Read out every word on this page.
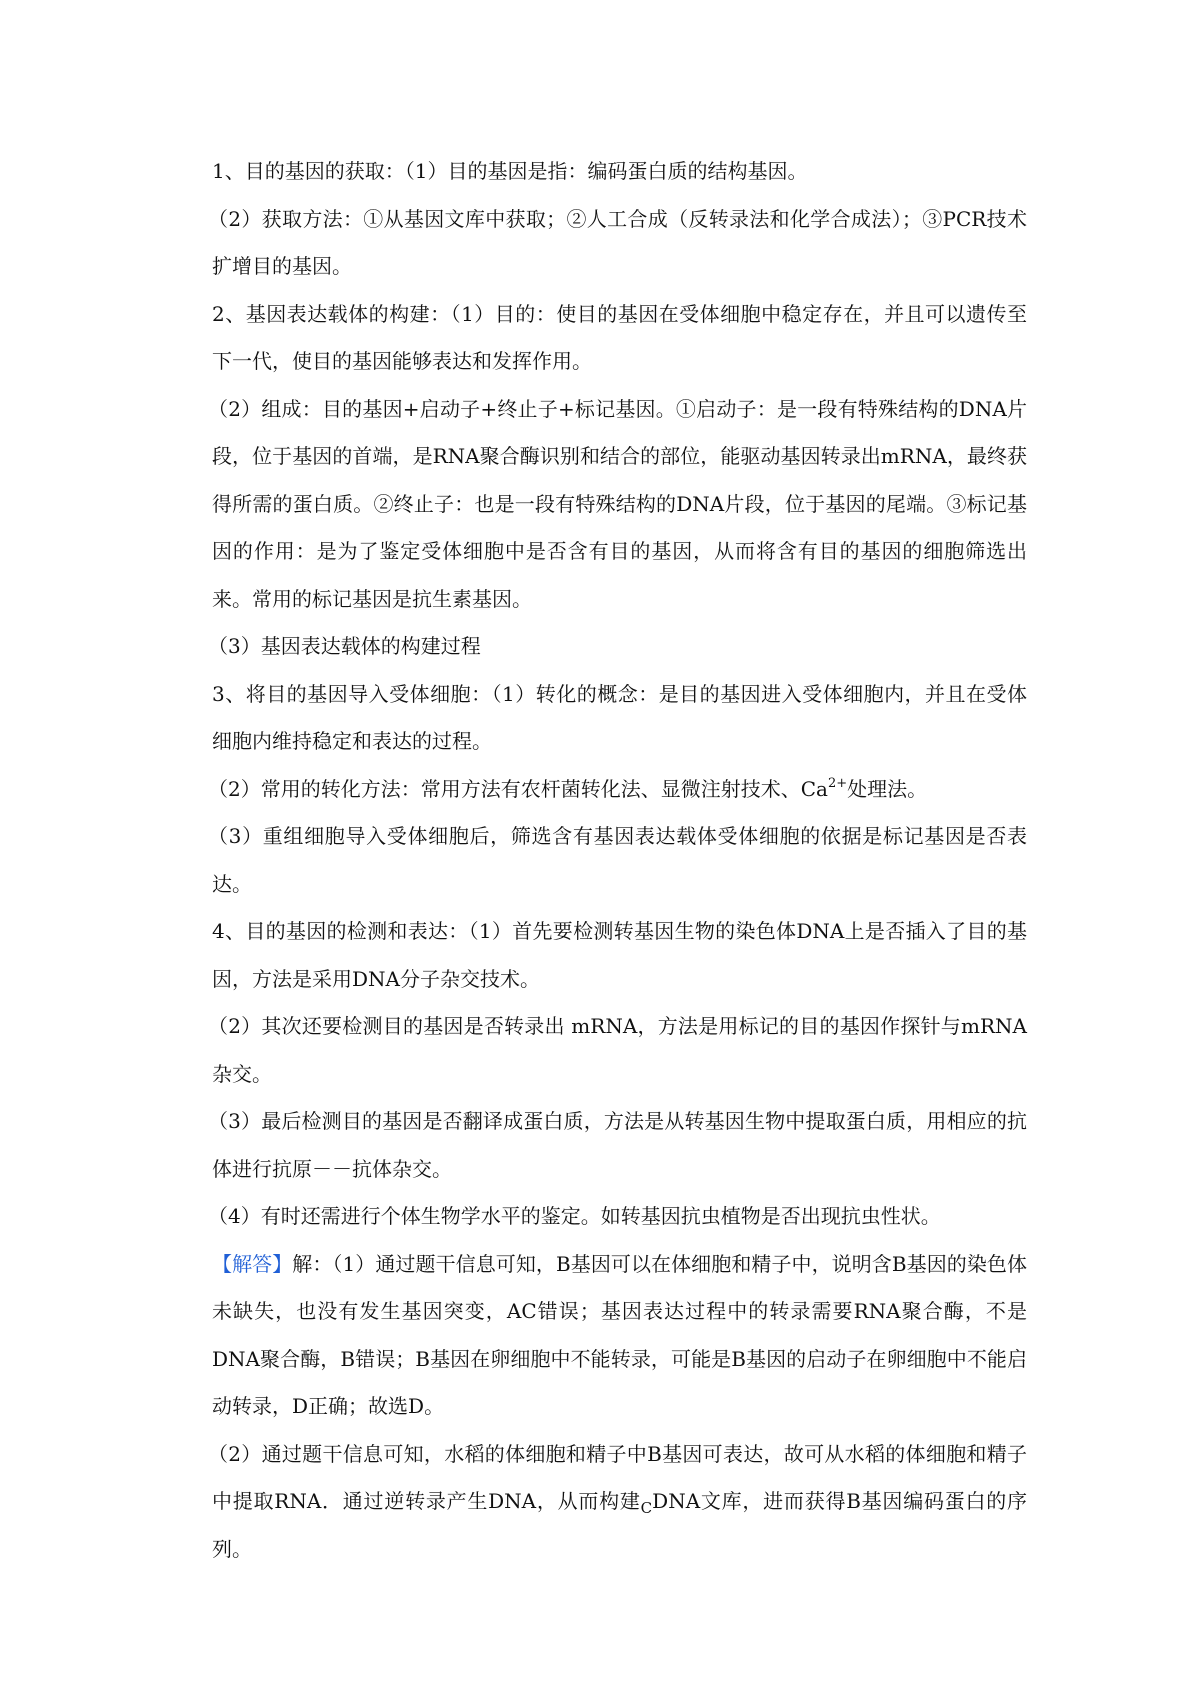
1、目的基因的获取：（1）目的基因是指：编码蛋白质的结构基因。

（2）获取方法：①从基因文库中获取；②人工合成（反转录法和化学合成法）；③PCR技术扩增目的基因。

2、基因表达载体的构建：（1）目的：使目的基因在受体细胞中稳定存在，并且可以遗传至下一代，使目的基因能够表达和发挥作用。

（2）组成：目的基因+启动子+终止子+标记基因。①启动子：是一段有特殊结构的DNA片段，位于基因的首端，是RNA聚合酶识别和结合的部位，能驱动基因转录出mRNA，最终获得所需的蛋白质。②终止子：也是一段有特殊结构的DNA片段，位于基因的尾端。③标记基因的作用：是为了鉴定受体细胞中是否含有目的基因，从而将含有目的基因的细胞筛选出来。常用的标记基因是抗生素基因。

（3）基因表达载体的构建过程

3、将目的基因导入受体细胞：（1）转化的概念：是目的基因进入受体细胞内，并且在受体细胞内维持稳定和表达的过程。

（2）常用的转化方法：常用方法有农杆菌转化法、显微注射技术、$Ca^{2+}$处理法。

（3）重组细胞导入受体细胞后，筛选含有基因表达载体受体细胞的依据是标记基因是否表达。

4、目的基因的检测和表达：（1）首先要检测转基因生物的染色体DNA上是否插入了目的基因，方法是采用DNA分子杂交技术。

（2）其次还要检测目的基因是否转录出 mRNA，方法是用标记的目的基因作探针与mRNA杂交。

（3）最后检测目的基因是否翻译成蛋白质，方法是从转基因生物中提取蛋白质，用相应的抗体进行抗原－－抗体杂交。

（4）有时还需进行个体生物学水平的鉴定。如转基因抗虫植物是否出现抗虫性状。

【解答】解：（1）通过题干信息可知，B基因可以在体细胞和精子中，说明含B基因的染色体未缺失，也没有发生基因突变，AC错误；基因表达过程中的转录需要RNA聚合酶，不是DNA聚合酶，B错误；B基因在卵细胞中不能转录，可能是B基因的启动子在卵细胞中不能启动转录，D正确；故选D。

（2）通过题干信息可知，水稻的体细胞和精子中B基因可表达，故可从水稻的体细胞和精子中提取RNA．通过逆转录产生DNA，从而构建$_C$DNA文库，进而获得B基因编码蛋白的序列。
